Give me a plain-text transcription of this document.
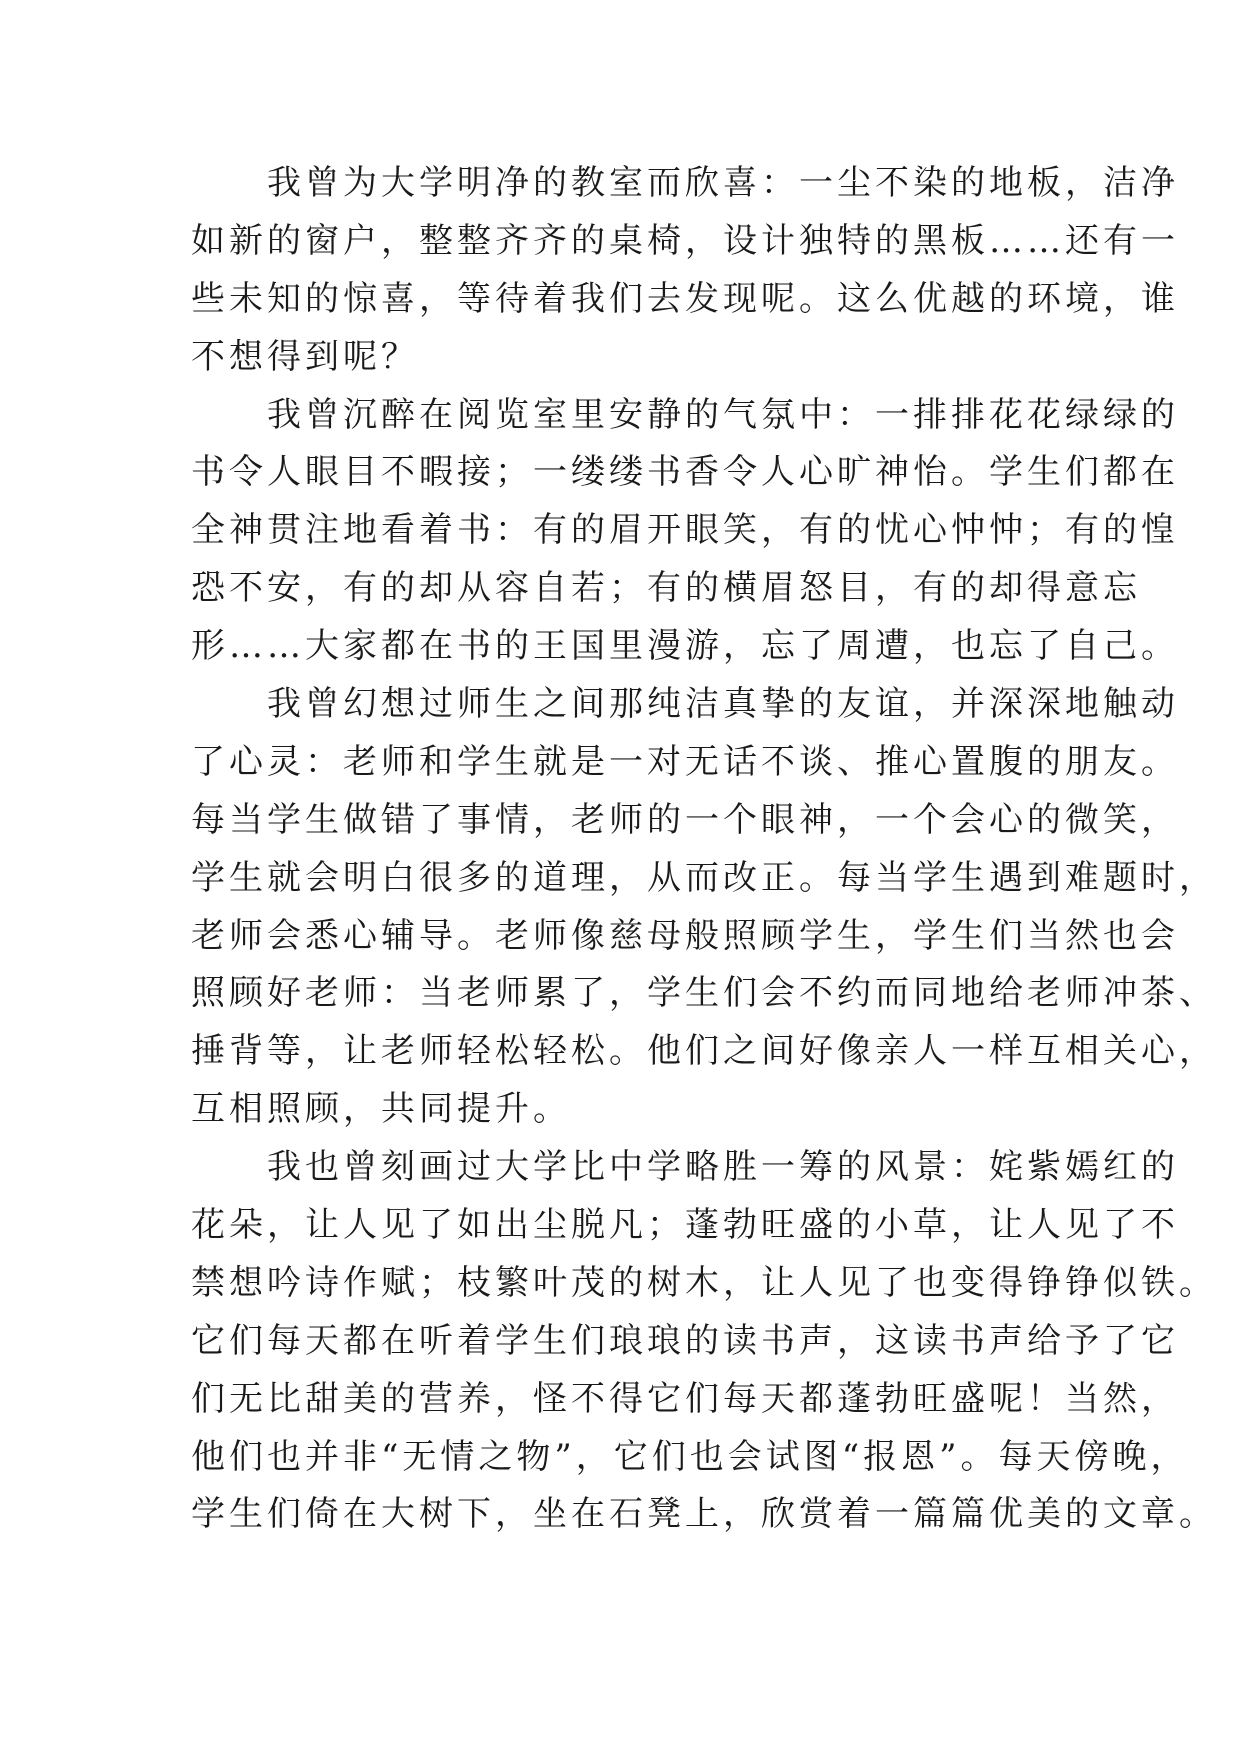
我曾为大学明净的教室而欣喜：一尘不染的地板，洁净
如新的窗户，整整齐齐的桌椅，设计独特的黑板……还有一
些未知的惊喜，等待着我们去发现呢。这么优越的环境，谁
不想得到呢？
我曾沉醉在阅览室里安静的气氛中：一排排花花绿绿的
书令人眼目不暇接；一缕缕书香令人心旷神怡。学生们都在
全神贯注地看着书：有的眉开眼笑，有的忧心忡忡；有的惶
恐不安，有的却从容自若；有的横眉怒目，有的却得意忘
形……大家都在书的王国里漫游，忘了周遭，也忘了自己。
我曾幻想过师生之间那纯洁真挚的友谊，并深深地触动
了心灵：老师和学生就是一对无话不谈、推心置腹的朋友。
每当学生做错了事情，老师的一个眼神，一个会心的微笑，
学生就会明白很多的道理，从而改正。每当学生遇到难题时，
老师会悉心辅导。老师像慈母般照顾学生，学生们当然也会
照顾好老师：当老师累了，学生们会不约而同地给老师冲茶、
捶背等，让老师轻松轻松。他们之间好像亲人一样互相关心，
互相照顾，共同提升。
我也曾刻画过大学比中学略胜一筹的风景：姹紫嫣红的
花朵，让人见了如出尘脱凡；蓬勃旺盛的小草，让人见了不
禁想吟诗作赋；枝繁叶茂的树木，让人见了也变得铮铮似铁。
它们每天都在听着学生们琅琅的读书声，这读书声给予了它
们无比甜美的营养，怪不得它们每天都蓬勃旺盛呢！当然，
他们也并非“无情之物”，它们也会试图“报恩”。每天傍晚，
学生们倚在大树下，坐在石凳上，欣赏着一篇篇优美的文章。
